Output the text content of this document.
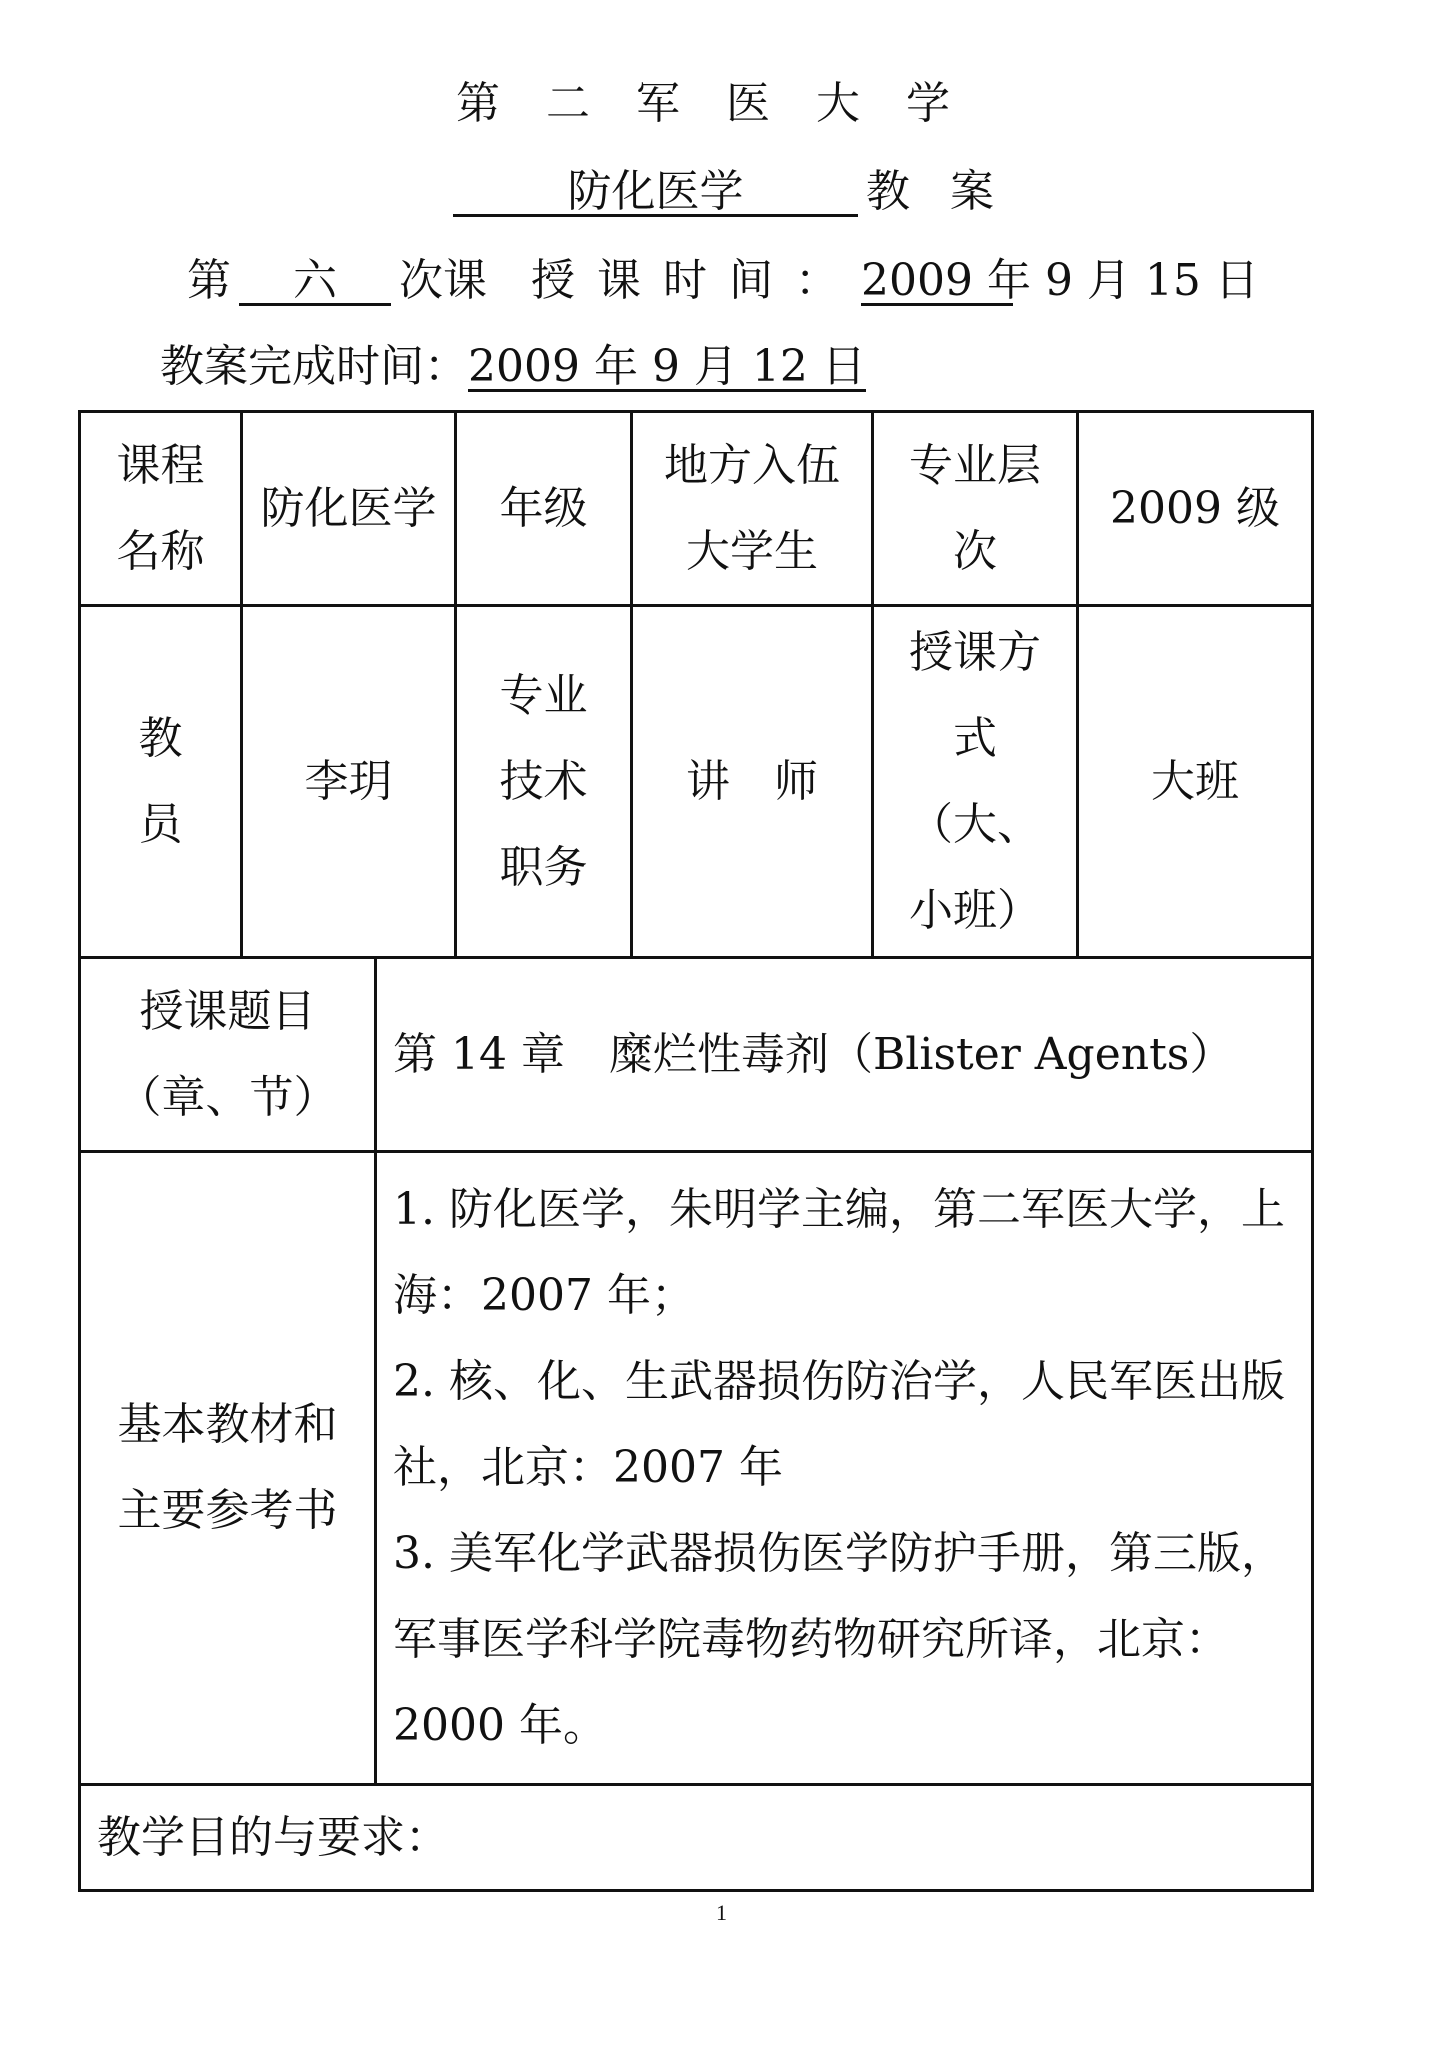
第二军医大学
防化医学	教案
第 六 次课 授课时间：2009 年 9 月 15 日
教案完成时间：2009 年 9 月 12 日
课程名称	防化医学		年级	地方入伍大学生	专业层次	2009 级
教员	李玥		专业技术职务	讲　师	授课方式（大、小班）	大班
授课题目（章、节）		第 14 章　糜烂性毒剂（Blister Agents）				
基本教材和主要参考书		1. 防化医学，朱明学主编，第二军医大学，上海：2007 年；
2. 核、化、生武器损伤防治学，人民军医出版社，北京：2007 年
3. 美军化学武器损伤医学防护手册，第三版，军事医学科学院毒物药物研究所译，北京：2000 年。				

教学目的与要求：						
1
